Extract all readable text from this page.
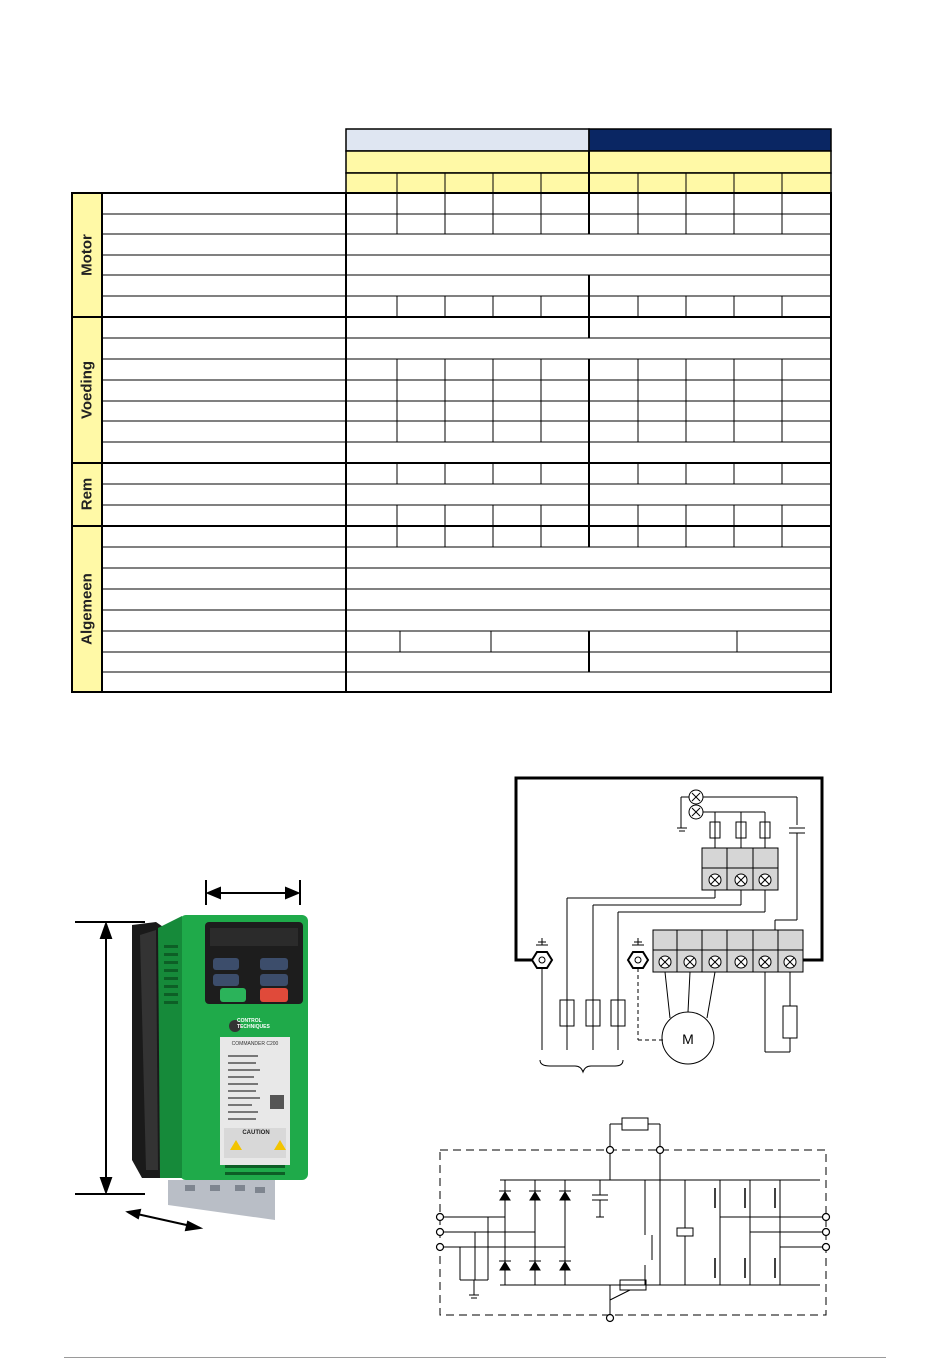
Motor
Voeding
Rem
Algemeen
CONTROL TECHNIQUES
COMMANDER C200
CAUTION
M
